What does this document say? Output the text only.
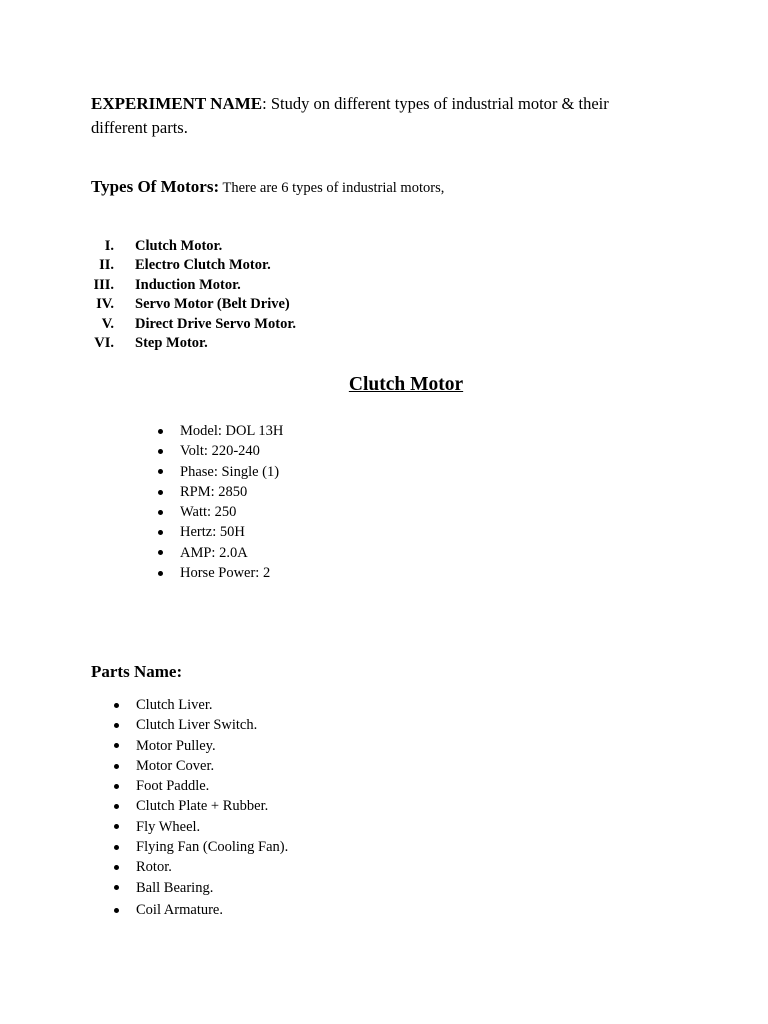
EXPERIMENT NAME: Study on different types of industrial motor & their
different parts.
Types Of Motors: There are 6 types of industrial motors,
I. Clutch Motor.
II. Electro Clutch Motor.
III. Induction Motor.
IV. Servo Motor (Belt Drive)
V. Direct Drive Servo Motor.
VI. Step Motor.
Clutch Motor
Model: DOL 13H
Volt: 220-240
Phase: Single (1)
RPM: 2850
Watt: 250
Hertz: 50H
AMP: 2.0A
Horse Power: 2
Parts Name:
Clutch Liver.
Clutch Liver Switch.
Motor Pulley.
Motor Cover.
Foot Paddle.
Clutch Plate + Rubber.
Fly Wheel.
Flying Fan (Cooling Fan).
Rotor.
Ball Bearing.
Coil Armature.
